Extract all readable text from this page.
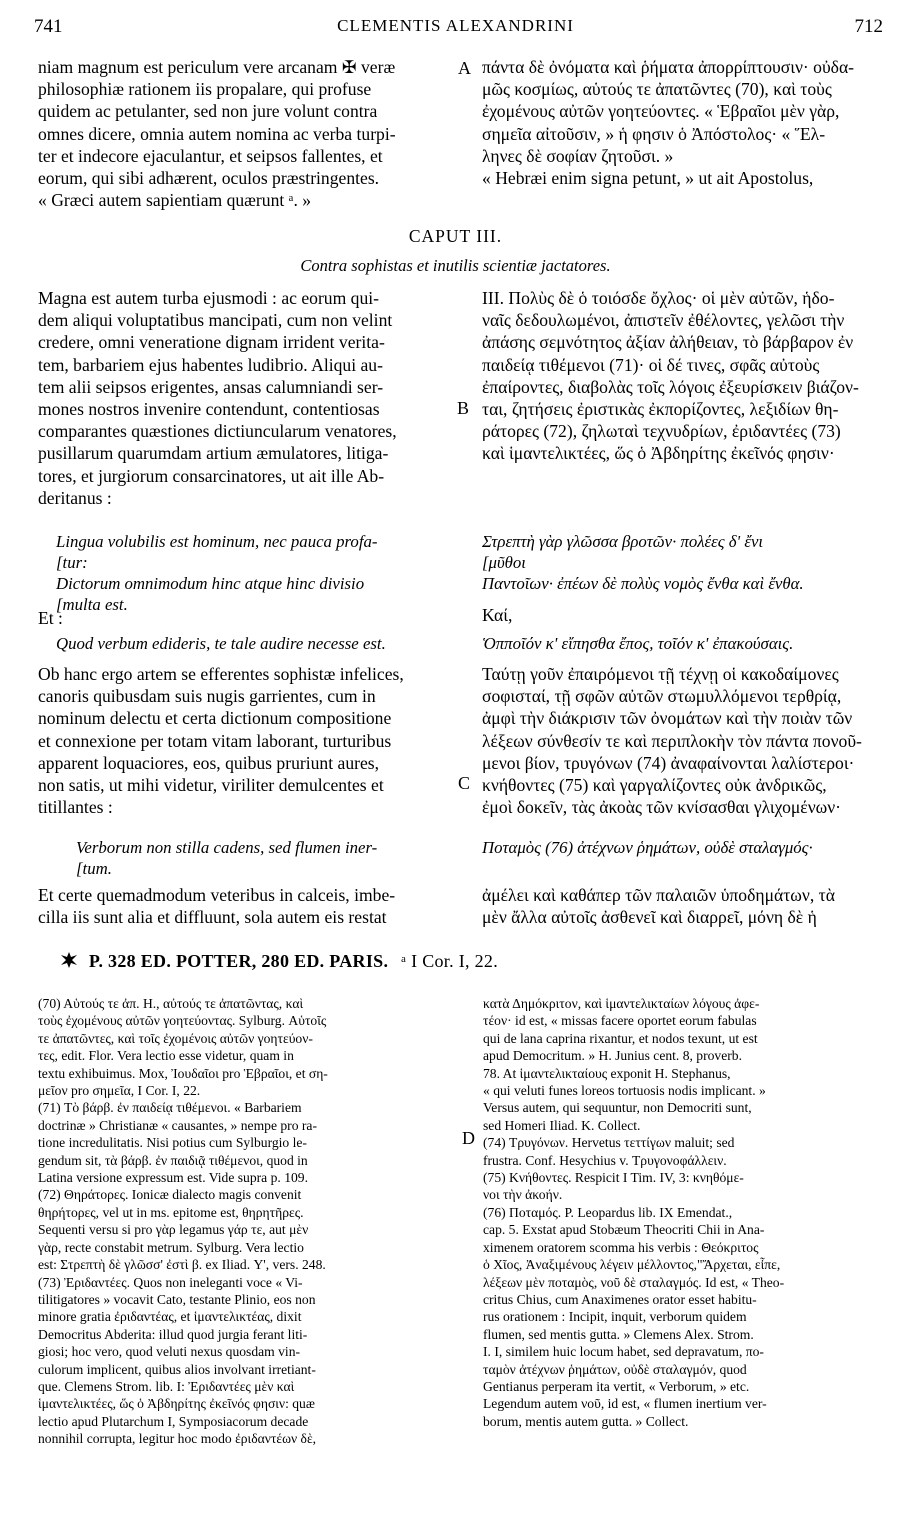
741	CLEMENTIS ALEXANDRINI	712

niam magnum est periculum vere arcanam ✠ veræ
philosophiæ rationem iis propalare, qui profuse
quidem ac petulanter, sed non jure volunt contra
omnes dicere, omnia autem nomina ac verba turpi-
ter et indecore ejaculantur, et seipsos fallentes, et
eorum, qui sibi adhærent, oculos præstringentes.
« Græci autem sapientiam quærunt ᵃ. »

A πάντα δὲ ὀνόματα καὶ ῥήματα ἀπορρίπτουσιν· οὐδα-
μῶς κοσμίως, αὑτούς τε ἀπατῶντες (70), καὶ τοὺς
ἐχομένους αὐτῶν γοητεύοντες. « Ἑβραῖοι μὲν γὰρ,
σημεῖα αἰτοῦσιν, » ἡ φησιν ὁ Ἀπόστολος· « Ἕλ-
ληνες δὲ σοφίαν ζητοῦσι. »
« Hebræi enim signa petunt, » ut ait Apostolus,

CAPUT III.
Contra sophistas et inutilis scientiæ jactatores.

Magna est autem turba ejusmodi : ac eorum qui-
dem aliqui voluptatibus mancipati, cum non velint
credere, omni veneratione dignam irrident verita-
tem, barbariem ejus habentes ludibrio. Aliqui au-
tem alii seipsos erigentes, ansas calumniandi ser-
mones nostros invenire contendunt, contentiosas
comparantes quæstiones dictiuncularum venatores,
pusillarum quarumdam artium æmulatores, litiga-
tores, et jurgiorum consarcinatores, ut ait ille Ab-
deritanus :

B

III. Πολὺς δὲ ὁ τοιόσδε ὄχλος· οἱ μὲν αὐτῶν, ἡδο-
ναῖς δεδουλωμένοι, ἀπιστεῖν ἐθέλοντες, γελῶσι τὴν
ἀπάσης σεμνότητος ἀξίαν ἀλήθειαν, τὸ βάρβαρον ἐν
παιδείᾳ τιθέμενοι (71)· οἱ δέ τινες, σφᾶς αὐτοὺς
ἐπαίροντες, διαβολὰς τοῖς λόγοις ἐξευρίσκειν βιάζον-
ται, ζητήσεις ἐριστικὰς ἐκπορίζοντες, λεξιδίων θη-
ράτορες (72), ζηλωταὶ τεχνυδρίων, ἐριδαντέες (73)
καὶ ἱμαντελικτέες, ὥς ὁ Ἀβδηρίτης ἐκεῖνός φησιν·

Lingua volubilis est hominum, nec pauca profa-
[tur:
Dictorum omnimodum hinc atque hinc divisio
[multa est.

Στρεπτὴ γὰρ γλῶσσα βροτῶν· πολέες δ' ἔνι
[μῦθοι
Παντοῖων· ἐπέων δὲ πολὺς νομὸς ἔνθα καὶ ἔνθα.

Et :	Καί,

Quod verbum edideris, te tale audire necesse est.	Ὁπποῖόν κ' εἴπησθα ἔπος, τοῖόν κ' ἐπακούσαις.

Ob hanc ergo artem se efferentes sophistæ infelices,
canoris quibusdam suis nugis garrientes, cum in
nominum delectu et certa dictionum compositione
et connexione per totam vitam laborant, turturibus
apparent loquaciores, eos, quibus pruriunt aures,
non satis, ut mihi videtur, viriliter demulcentes et
titillantes :

C

Ταύτῃ γοῦν ἐπαιρόμενοι τῇ τέχνῃ οἱ κακοδαίμονες
σοφισταί, τῇ σφῶν αὐτῶν στωμυλλόμενοι τερθρίᾳ,
ἀμφὶ τὴν διάκρισιν τῶν ὀνομάτων καὶ τὴν ποιὰν τῶν
λέξεων σύνθεσίν τε καὶ περιπλοκὴν τὸν πάντα πονοῦ-
μενοι βίον, τρυγόνων (74) ἀναφαίνονται λαλίστεροι·
κνήθοντες (75) καὶ γαργαλίζοντες οὐκ ἀνδρικῶς,
ἐμοὶ δοκεῖν, τὰς ἀκοὰς τῶν κνίσασθαι γλιχομένων·

Verborum non stilla cadens, sed flumen iner-
[tum.

Ποταμὸς (76) ἀτέχνων ῥημάτων, οὐδὲ σταλαγμός·

Et certe quemadmodum veteribus in calceis, imbe-
cilla iis sunt alia et diffluunt, sola autem eis restat

ἀμέλει καὶ καθάπερ τῶν παλαιῶν ὑποδημάτων, τὰ
μὲν ἄλλα αὐτοῖς ἀσθενεῖ καὶ διαρρεῖ, μόνη δὲ ἡ

P. 328 ED. POTTER, 280 ED. PARIS. ᵃ I Cor. I, 22.

(70) Αὑτούς τε ἀπ. Η., αὐτούς τε ἀπατῶντας, καὶ
τοὺς ἐχομένους αὐτῶν γοητεύοντας. Sylburg. Αὑτοῖς
τε ἀπατῶντες, καὶ τοῖς ἐχομένοις αὐτῶν γοητεύον-
τες, edit. Flor. Vera lectio esse videtur, quam in
textu exhibuimus. Mox, Ἰουδαῖοι pro Ἑβραῖοι, et ση-
μεῖον pro σημεῖα, I Cor. I, 22.
(71) Τὸ βάρβ. ἐν παιδείᾳ τιθέμενοι. « Barbariem
doctrinæ » Christianæ « causantes, » nempe pro ra-
tione incredulitatis. Nisi potius cum Sylburgio le-
gendum sit, τὰ βάρβ. ἐν παιδιᾷ τιθέμενοι, quod in
Latina versione expressum est. Vide supra p. 109.
(72) Θηράτορες. Ionicæ dialecto magis convenit
θηρήτορες, vel ut in ms. epitome est, θηρητῆρες.
Sequenti versu si pro γὰρ legamus γάρ τε, aut μὲν
γὰρ, recte constabit metrum. Sylburg. Vera lectio
est: Στρεπτὴ δὲ γλῶσσ' ἐστὶ β. ex Iliad. Υ', vers. 248.
(73) Ἐριδαντέες. Quos non ineleganti voce « Vi-
tilitigatores » vocavit Cato, testante Plinio, eos non
minore gratia ἐριδαντέας, et ἱμαντελικτέας, dixit
Democritus Abderita: illud quod jurgia ferant liti-
giosi; hoc vero, quod veluti nexus quosdam vin-
culorum implicent, quibus alios involvant irretiant-
que. Clemens Strom. lib. I: Ἐριδαντέες μὲν καὶ
ἱμαντελικτέες, ὥς ὁ Ἀβδηρίτης ἐκεῖνός φησιν: quæ
lectio apud Plutarchum I, Symposiacorum decade
nonnihil corrupta, legitur hoc modo ἐριδαντέων δὲ,

D

κατὰ Δημόκριτον, καὶ ἱμαντελικταίων λόγους ἀφε-
τέον· id est, « missas facere oportet eorum fabulas
qui de lana caprina rixantur, et nodos texunt, ut est
apud Democritum. » H. Junius cent. 8, proverb.
78. At ἱμαντελικταίους exponit H. Stephanus,
« qui veluti funes loreos tortuosis nodis implicant. »
Versus autem, qui sequuntur, non Democriti sunt,
sed Homeri Iliad. K. Collect.
(74) Τρυγόνων. Hervetus τεττίγων maluit; sed
frustra. Conf. Hesychius v. Τρυγονοφάλλειν.
(75) Κνήθοντες. Respicit I Tim. IV, 3: κνηθόμε-
νοι τὴν ἀκοήν.
(76) Ποταμός. P. Leopardus lib. IX Emendat.,
cap. 5. Exstat apud Stobæum Theocriti Chii in Ana-
ximenem oratorem scomma his verbis : Θεόκριτος
ὁ Χῖος, Ἀναξιμένους λέγειν μέλλοντος,"Ἄρχεται, εἶπε,
λέξεων μὲν ποταμὸς, νοῦ δὲ σταλαγμός. Id est, « Theo-
critus Chius, cum Anaximenes orator esset habitu-
rus orationem : Incipit, inquit, verborum quidem
flumen, sed mentis gutta. » Clemens Alex. Strom.
I. I, similem huic locum habet, sed depravatum, πο-
ταμὸν ἀτέχνων ῥημάτων, οὐδὲ σταλαγμόν, quod
Gentianus perperam ita vertit, « Verborum, » etc.
Legendum autem νοῦ, id est, « flumen inertium ver-
borum, mentis autem gutta. » Collect.
